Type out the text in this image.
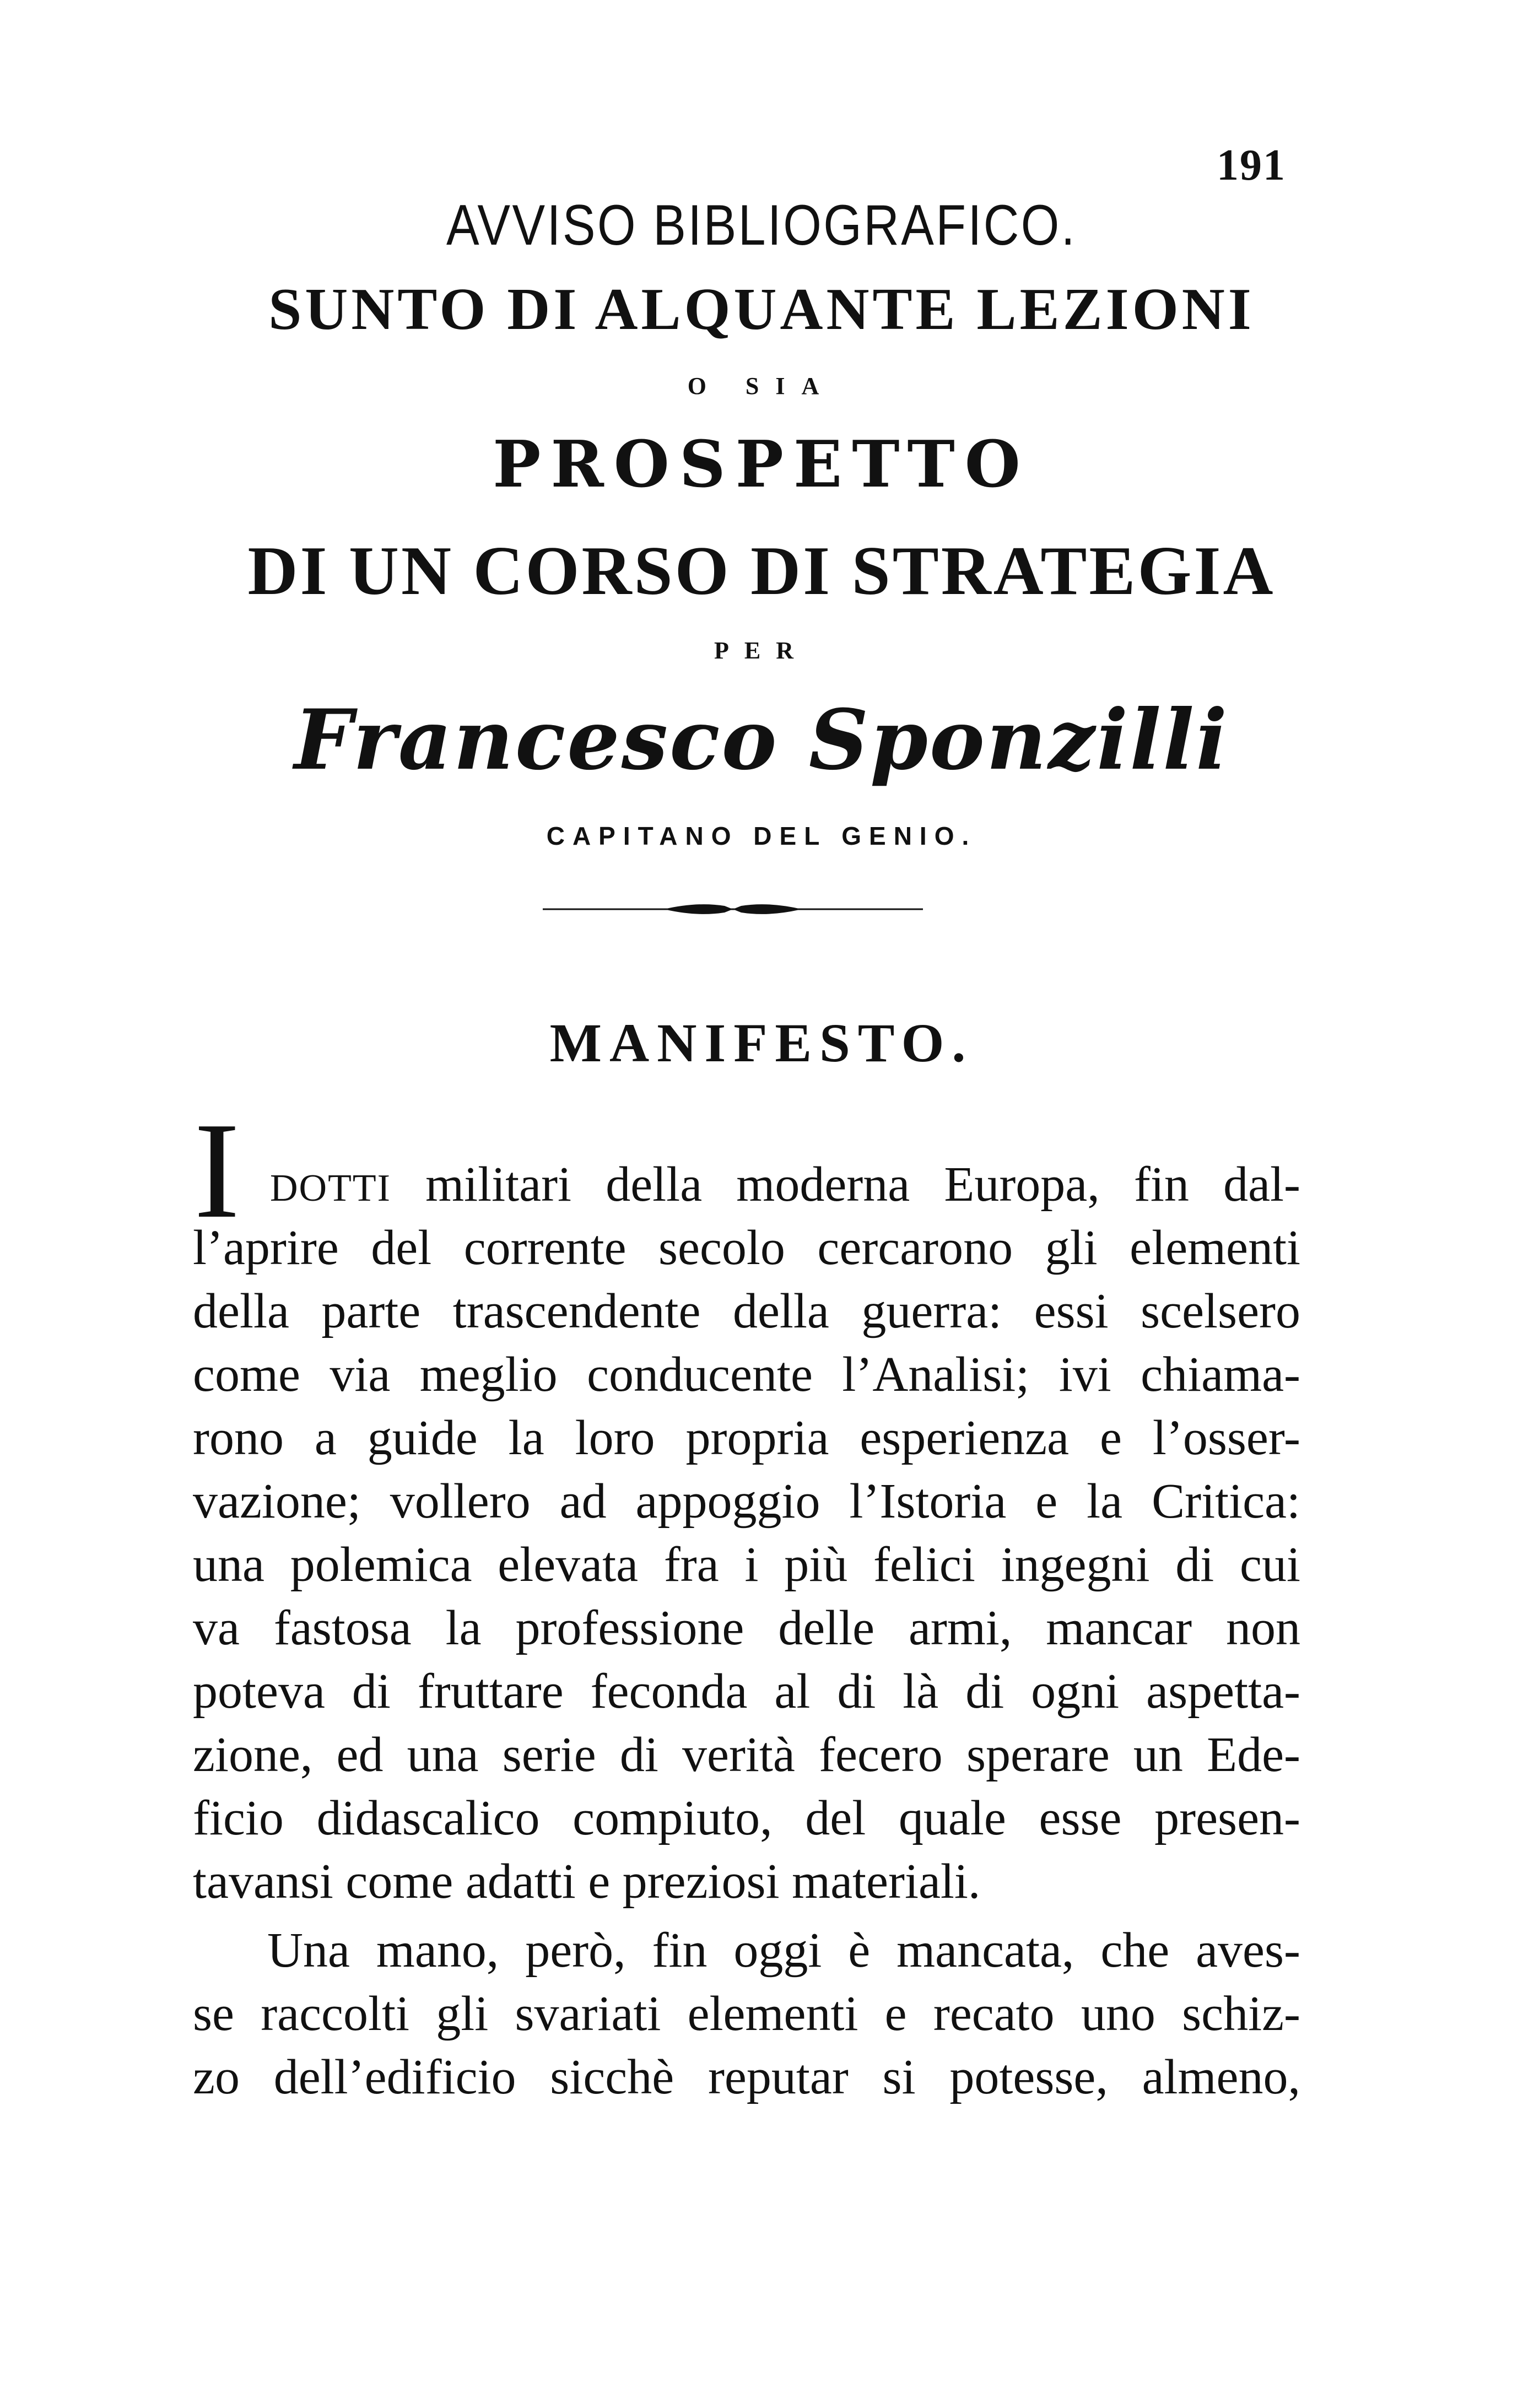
191
AVVISO BIBLIOGRAFICO.
SUNTO DI ALQUANTE LEZIONI
O SIA
PROSPETTO
DI UN CORSO DI STRATEGIA
PER
Francesco Sponzilli
CAPITANO DEL GENIO.
MANIFESTO.
I DOTTI militari della moderna Europa, fin dal-
l’aprire del corrente secolo cercarono gli elementi
della parte trascendente della guerra: essi scelsero
come via meglio conducente l’Analisi; ivi chiama-
rono a guide la loro propria esperienza e l’osser-
vazione; vollero ad appoggio l’Istoria e la Critica:
una polemica elevata fra i più felici ingegni di cui
va fastosa la professione delle armi, mancar non
poteva di fruttare feconda al di là di ogni aspetta-
zione, ed una serie di verità fecero sperare un Ede-
ficio didascalico compiuto, del quale esse presen-
tavansi come adatti e preziosi materiali.
Una mano, però, fin oggi è mancata, che aves-
se raccolti gli svariati elementi e recato uno schiz-
zo dell’edificio sicchè reputar si potesse, almeno,
